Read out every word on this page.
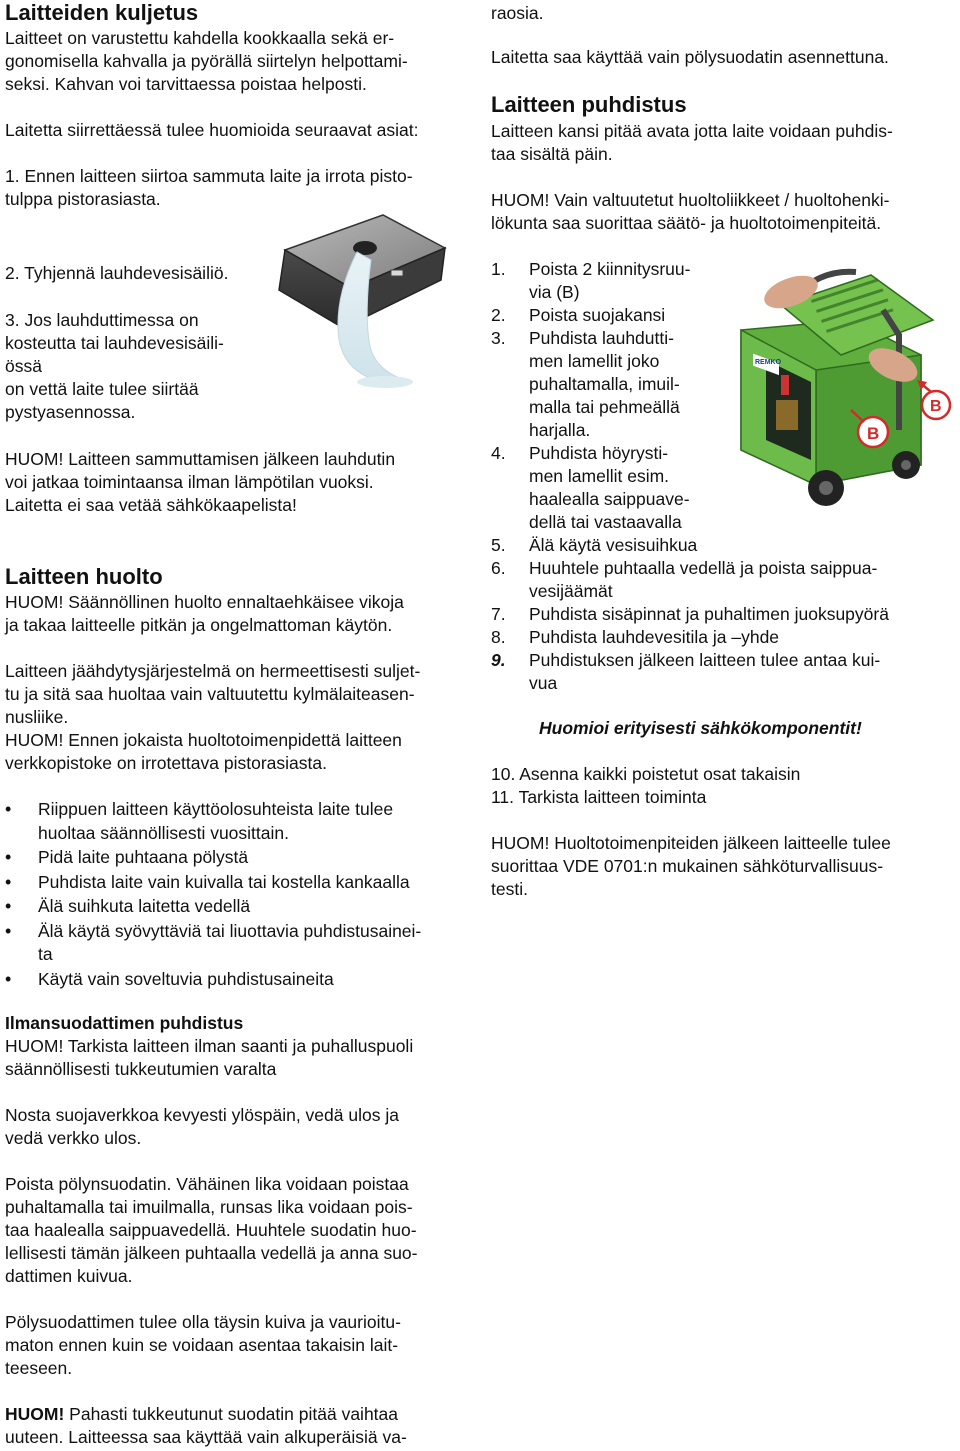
Laitteiden kuljetus

Laitteet on varustettu kahdella kookkaalla sekä er-

gonomisella kahvalla ja pyörällä siirtelyn helpottami-

seksi. Kahvan voi tarvittaessa poistaa helposti.

Laitetta siirrettäessä tulee huomioida seuraavat asiat:

1. Ennen laitteen siirtoa sammuta laite ja irrota pisto-

tulppa pistorasiasta.

2. Tyhjennä lauhdevesisäiliö.

3. Jos lauhduttimessa on

kosteutta tai lauhdevesisäili-

össä

on vettä laite tulee siirtää

pystyasennossa.

HUOM! Laitteen sammuttamisen jälkeen lauhdutin

voi jatkaa toimintaansa ilman lämpötilan vuoksi.

Laitetta ei saa vetää sähkökaapelista!

Laitteen huolto

HUOM! Säännöllinen huolto ennaltaehkäisee vikoja

ja takaa laitteelle pitkän ja ongelmattoman käytön.

Laitteen jäähdytysjärjestelmä on hermeettisesti suljet-

tu ja sitä saa huoltaa vain valtuutettu kylmälaiteasen-

nusliike.

HUOM! Ennen jokaista huoltotoimenpidettä laitteen

verkkopistoke on irrotettava pistorasiasta.

• Riippuen laitteen käyttöolosuhteista laite tulee
huoltaa säännöllisesti vuosittain.
• Pidä laite puhtaana pölystä
• Puhdista laite vain kuivalla tai kostella kankaalla
• Älä suihkuta laitetta vedellä
• Älä käytä syövyttäviä tai liuottavia puhdistusainei-
ta
• Käytä vain soveltuvia puhdistusaineita
Ilmansuodattimen puhdistus

HUOM! Tarkista laitteen ilman saanti ja puhalluspuoli

säännöllisesti tukkeutumien varalta

Nosta suojaverkkoa kevyesti ylöspäin, vedä ulos ja

vedä verkko ulos.

Poista pölynsuodatin. Vähäinen lika voidaan poistaa

puhaltamalla tai imuilmalla, runsas lika voidaan pois-

taa haalealla saippuavedellä. Huuhtele suodatin huo-

lellisesti tämän jälkeen puhtaalla vedellä ja anna suo-

dattimen kuivua.

Pölysuodattimen tulee olla täysin kuiva ja vaurioitu-

maton ennen kuin se voidaan asentaa takaisin lait-

teeseen.

HUOM! Pahasti tukkeutunut suodatin pitää vaihtaa

uuteen. Laitteessa saa käyttää vain alkuperäisiä va-

raosia.

Laitetta saa käyttää vain pölysuodatin asennettuna.

Laitteen puhdistus

Laitteen kansi pitää avata jotta laite voidaan puhdis-

taa sisältä päin.

HUOM! Vain valtuutetut huoltoliikkeet / huoltohenki-

lökunta saa suorittaa säätö- ja huoltotoimenpiteitä.

1. Poista 2 kiinnitysruu-
via (B)
2. Poista suojakansi
3. Puhdista lauhdutti-
men lamellit joko
puhaltamalla, imuil-
malla tai pehmeällä
harjalla.
4. Puhdista höyrysti-
men lamellit esim.
haalealla saippuave-
dellä tai vastaavalla
REMKO
B
B
5. Älä käytä vesisuihkua
6. Huuhtele puhtaalla vedellä ja poista saippua-
vesijäämät
7. Puhdista sisäpinnat ja puhaltimen juoksupyörä
8. Puhdista lauhdevesitila ja –yhde
9. Puhdistuksen jälkeen laitteen tulee antaa kui-
vua

Huomioi erityisesti sähkökomponentit!

10. Asenna kaikki poistetut osat takaisin

11. Tarkista laitteen toiminta

HUOM! Huoltotoimenpiteiden jälkeen laitteelle tulee

suorittaa VDE 0701:n mukainen sähköturvallisuus-

testi.
